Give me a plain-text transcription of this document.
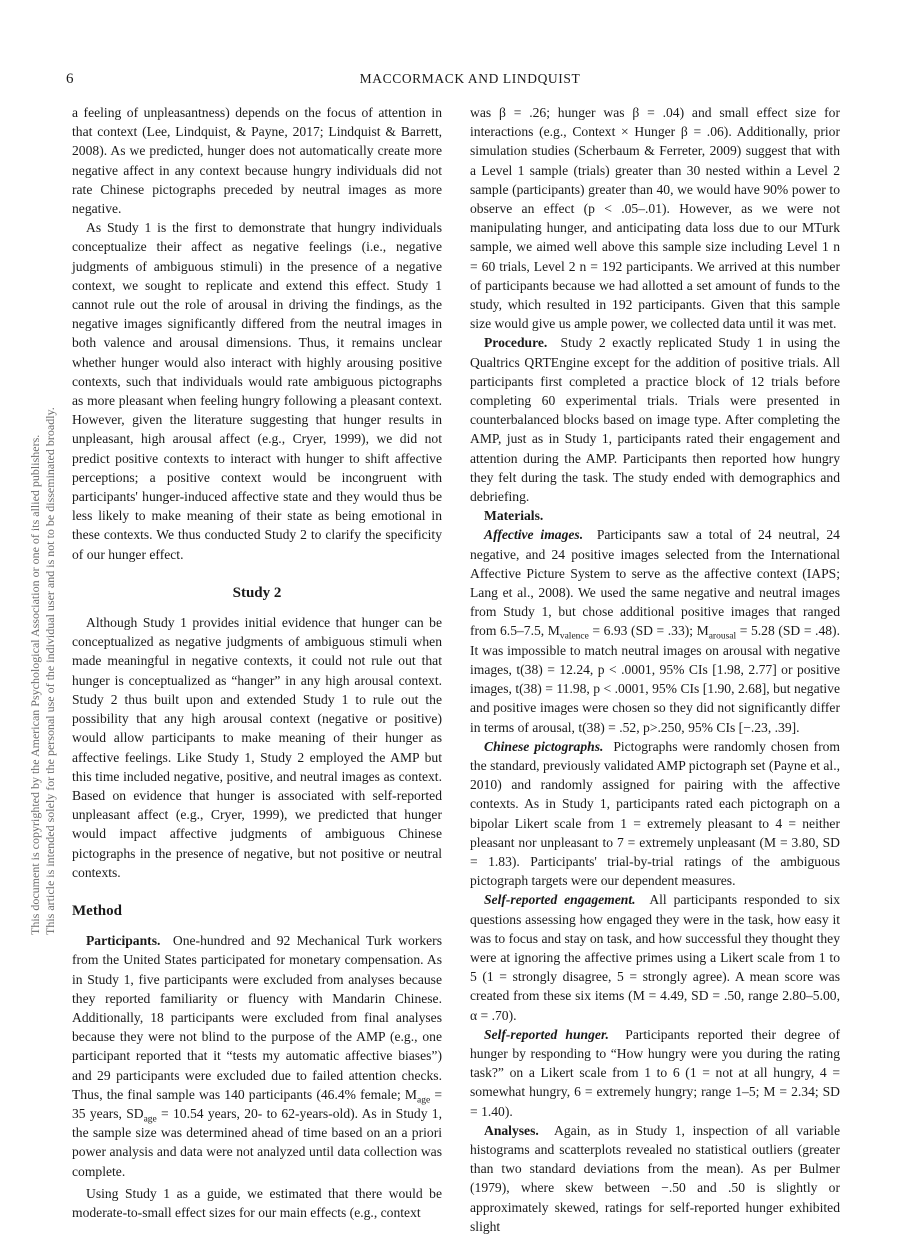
6	MACCORMACK AND LINDQUIST
This document is copyrighted by the American Psychological Association or one of its allied publishers. This article is intended solely for the personal use of the individual user and is not to be disseminated broadly.

a feeling of unpleasantness) depends on the focus of attention in that context (Lee, Lindquist, & Payne, 2017; Lindquist & Barrett, 2008). As we predicted, hunger does not automatically create more negative affect in any context because hungry individuals did not rate Chinese pictographs preceded by neutral images as more negative.

As Study 1 is the first to demonstrate that hungry individuals conceptualize their affect as negative feelings (i.e., negative judgments of ambiguous stimuli) in the presence of a negative context, we sought to replicate and extend this effect. Study 1 cannot rule out the role of arousal in driving the findings, as the negative images significantly differed from the neutral images in both valence and arousal dimensions. Thus, it remains unclear whether hunger would also interact with highly arousing positive contexts, such that individuals would rate ambiguous pictographs as more pleasant when feeling hungry following a pleasant context. However, given the literature suggesting that hunger results in unpleasant, high arousal affect (e.g., Cryer, 1999), we did not predict positive contexts to interact with hunger to shift affective perceptions; a positive context would be incongruent with participants' hunger-induced affective state and they would thus be less likely to make meaning of their state as being emotional in these contexts. We thus conducted Study 2 to clarify the specificity of our hunger effect.

Study 2

Although Study 1 provides initial evidence that hunger can be conceptualized as negative judgments of ambiguous stimuli when made meaningful in negative contexts, it could not rule out that hunger is conceptualized as “hanger” in any high arousal context. Study 2 thus built upon and extended Study 1 to rule out the possibility that any high arousal context (negative or positive) would allow participants to make meaning of their hunger as affective feelings. Like Study 1, Study 2 employed the AMP but this time included negative, positive, and neutral images as context. Based on evidence that hunger is associated with self-reported unpleasant affect (e.g., Cryer, 1999), we predicted that hunger would impact affective judgments of ambiguous Chinese pictographs in the presence of negative, but not positive or neutral contexts.

Method

Participants. One-hundred and 92 Mechanical Turk workers from the United States participated for monetary compensation. As in Study 1, five participants were excluded from analyses because they reported familiarity or fluency with Mandarin Chinese. Additionally, 18 participants were excluded from final analyses because they were not blind to the purpose of the AMP (e.g., one participant reported that it “tests my automatic affective biases”) and 29 participants were excluded due to failed attention checks. Thus, the final sample was 140 participants (46.4% female; $M_{age} = 35$ years, $SD_{age} = 10.54$ years, 20- to 62-years-old). As in Study 1, the sample size was determined ahead of time based on an a priori power analysis and data were not analyzed until data collection was complete.

Using Study 1 as a guide, we estimated that there would be moderate-to-small effect sizes for our main effects (e.g., context

was β = .26; hunger was β = .04) and small effect size for interactions (e.g., Context × Hunger β = .06). Additionally, prior simulation studies (Scherbaum & Ferreter, 2009) suggest that with a Level 1 sample (trials) greater than 30 nested within a Level 2 sample (participants) greater than 40, we would have 90% power to observe an effect (p < .05–.01). However, as we were not manipulating hunger, and anticipating data loss due to our MTurk sample, we aimed well above this sample size including Level 1 n = 60 trials, Level 2 n = 192 participants. We arrived at this number of participants because we had allotted a set amount of funds to the study, which resulted in 192 participants. Given that this sample size would give us ample power, we collected data until it was met.

Procedure. Study 2 exactly replicated Study 1 in using the Qualtrics QRTEngine except for the addition of positive trials. All participants first completed a practice block of 12 trials before completing 60 experimental trials. Trials were presented in counterbalanced blocks based on image type. After completing the AMP, just as in Study 1, participants rated their engagement and attention during the AMP. Participants then reported how hungry they felt during the task. The study ended with demographics and debriefing.

Materials.

Affective images. Participants saw a total of 24 neutral, 24 negative, and 24 positive images selected from the International Affective Picture System to serve as the affective context (IAPS; Lang et al., 2008). We used the same negative and neutral images from Study 1, but chose additional positive images that ranged from 6.5–7.5, $M_{valence} = 6.93$ (SD = .33); $M_{arousal} = 5.28$ (SD = .48). It was impossible to match neutral images on arousal with negative images, t(38) = 12.24, p < .0001, 95% CIs [1.98, 2.77] or positive images, t(38) = 11.98, p < .0001, 95% CIs [1.90, 2.68], but negative and positive images were chosen so they did not significantly differ in terms of arousal, t(38) = .52, p>.250, 95% CIs [−.23, .39].

Chinese pictographs. Pictographs were randomly chosen from the standard, previously validated AMP pictograph set (Payne et al., 2010) and randomly assigned for pairing with the affective contexts. As in Study 1, participants rated each pictograph on a bipolar Likert scale from 1 = extremely pleasant to 4 = neither pleasant nor unpleasant to 7 = extremely unpleasant (M = 3.80, SD = 1.83). Participants' trial-by-trial ratings of the ambiguous pictograph targets were our dependent measures.

Self-reported engagement. All participants responded to six questions assessing how engaged they were in the task, how easy it was to focus and stay on task, and how successful they thought they were at ignoring the affective primes using a Likert scale from 1 to 5 (1 = strongly disagree, 5 = strongly agree). A mean score was created from these six items (M = 4.49, SD = .50, range 2.80–5.00, α = .70).

Self-reported hunger. Participants reported their degree of hunger by responding to “How hungry were you during the rating task?” on a Likert scale from 1 to 6 (1 = not at all hungry, 4 = somewhat hungry, 6 = extremely hungry; range 1–5; M = 2.34; SD = 1.40).

Analyses. Again, as in Study 1, inspection of all variable histograms and scatterplots revealed no statistical outliers (greater than two standard deviations from the mean). As per Bulmer (1979), where skew between −.50 and .50 is slightly or approximately skewed, ratings for self-reported hunger exhibited slight
